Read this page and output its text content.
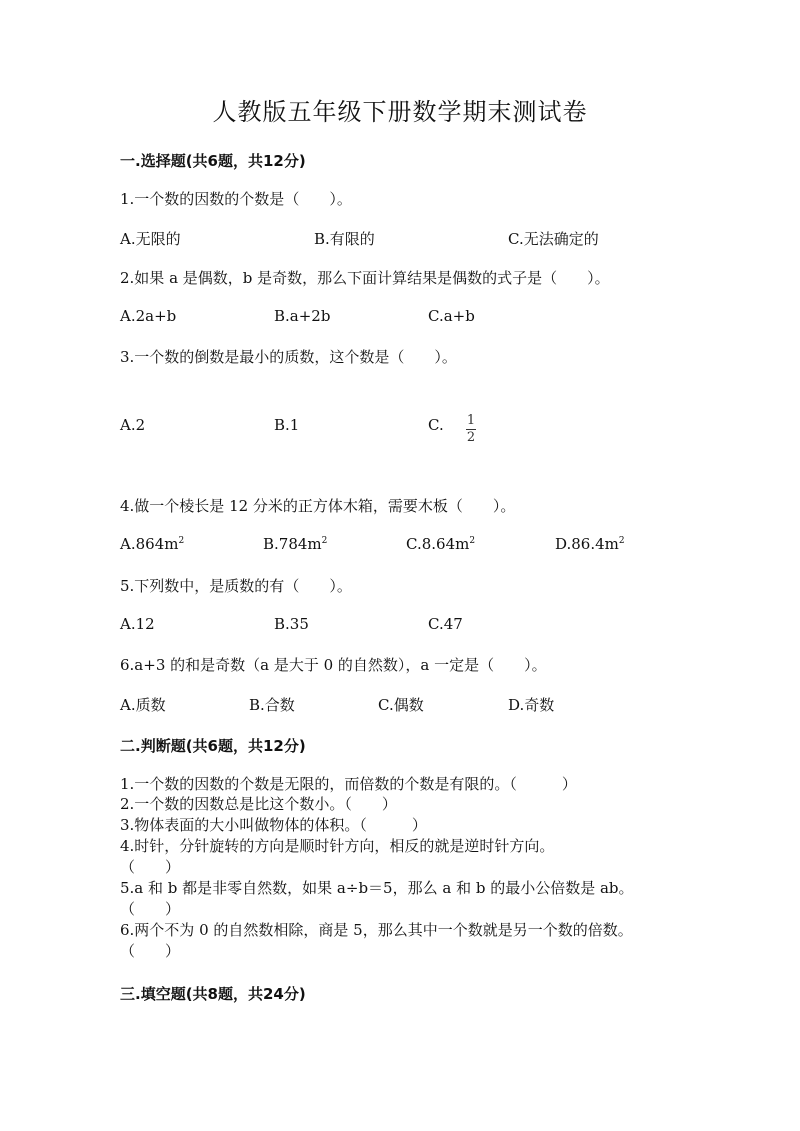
人教版五年级下册数学期末测试卷
一.选择题(共6题，共12分)
1.一个数的因数的个数是（　　）。
A.无限的	B.有限的	C.无法确定的
2.如果 a 是偶数，b 是奇数，那么下面计算结果是偶数的式子是（　　）。
A.2a+b	B.a+2b	C.a+b
3.一个数的倒数是最小的质数，这个数是（　　）。
A.2	B.1	C. $\frac{1}{2}$
4.做一个棱长是 12 分米的正方体木箱，需要木板（　　）。
$A.864m^2$	$B.784m^2$	$C.8.64m^2$	$D.86.4m^2$
5.下列数中，是质数的有（　　）。
A.12	B.35	C.47
6.a+3 的和是奇数（a 是大于 0 的自然数），a 一定是（　　）。
A.质数	B.合数	C.偶数	D.奇数
二.判断题(共6题，共12分)
1.一个数的因数的个数是无限的，而倍数的个数是有限的。（　　　）
2.一个数的因数总是比这个数小。（　　）
3.物体表面的大小叫做物体的体积。（　　　）
4.时针，分针旋转的方向是顺时针方向，相反的就是逆时针方向。
（　　）
5.a 和 b 都是非零自然数，如果 a÷b＝5，那么 a 和 b 的最小公倍数是 ab。
（　　）
6.两个不为 0 的自然数相除，商是 5，那么其中一个数就是另一个数的倍数。
（　　）
三.填空题(共8题，共24分)
